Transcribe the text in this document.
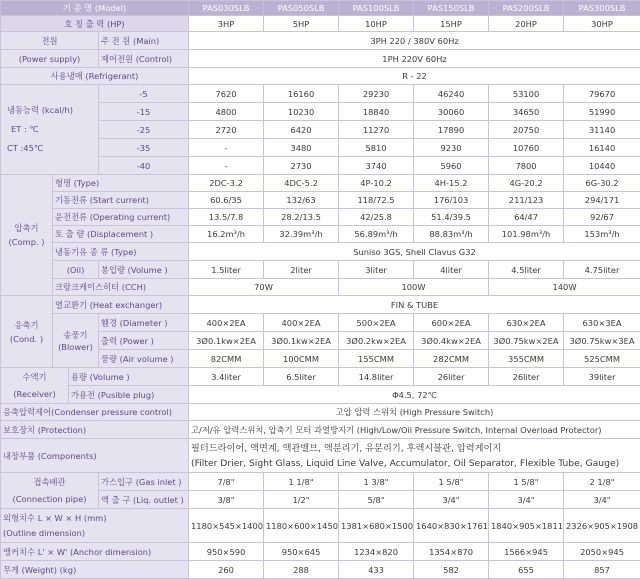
기 종 명 (Model)				PAS030SLB	PAS050SLB	PAS100SLB	PAS150SLB	PAS200SLB	PAS300SLB
호 칭 출 력 (HP)				3HP	5HP	10HP	15HP	20HP	30HP
전원			주 전 원 (Main)	3PH 220 / 380V 60Hz					
(Power supply)			제어전원 (Control)	1PH 220V 60Hz					
사용냉매 (Refrigerant)				R - 22					

냉동능력 (kcal/h)
ET : ℃
CT :45℃			-5	7620	16160	29230	46240	53100	79670
			-15	4800	10230	18840	30060	34650	51990
			-25	2720	6420	11270	17890	20750	31140
			-35	-	3480	5810	9230	10760	16140
			-40	-	2730	3740	5960	7800	10440

압축기
(Comp. )	형명 (Type)			2DC-3.2	4DC-5.2	4P-10.2	4H-15.2	4G-20.2	6G-30.2
	기동전류 (Start current)			60.6/35	132/63	118/72.5	176/103	211/123	294/171
	운전전류 (Operating current)			13.5/7.8	28.2/13.5	42/25.8	51.4/39.5	64/47	92/67
	토 출 량 (Displacement )			16.2m³/h	32.39m³/h	56.89m³/h	88.83m³/h	101.98m³/h	153m³/h
	냉동기유 종 류 (Type)			Suniso 3GS, Shell Clavus G32					
	(Oil)		봉입량 (Volume )	1.5liter	2liter	3liter	4liter	4.5liter	4.75liter
	크랑크케이스히터 (CCH)			70W		100W		140W	

응축기
(Cond. )	열교환기 (Heat exchanger)			FIN & TUBE					

	송풍기
(Blower)		휀경 (Diameter )	400×2EA	400×2EA	500×2EA	600×2EA	630×2EA	630×3EA
			출력 (Power )	3Ø0.1kw×2EA	3Ø0.1kw×2EA	3Ø0.2kw×2EA	3Ø0.4kw×2EA	3Ø0.75kw×2EA	3Ø0.75kw×3EA
			풍량 (Air volume )	82CMM	100CMM	155CMM	282CMM	355CMM	525CMM

수액기
(Receiver)		용량 (Volume )		3.4liter	6.5liter	14.8liter	26liter	26liter	39liter
		가용전 (Pusible plug)		Φ4.5, 72℃					
응축압력제어(Condenser pressure control)				고압 압력 스위치 (High Pressure Switch)					
보호장치 (Protection)				고/저/유 압력스위치, 압축기 모터 과열방지기 (High/Low/Oil Pressure Switch, Internal Overload Protector)					
내장부품 (Components)				필터드라이어, 액면계, 액관밸브, 액분리기, 유분리기, 후렉시블관, 압력게이지
(Filter Drier, Sight Glass, Liquid Line Valve, Accumulator, Oil Separator, Flexible Tube, Gauge)					

접속배관
(Connection pipe)			가스입구 (Gas inlet )	7/8"	1 1/8"	1 3/8"	1 5/8"	1 5/8"	2 1/8"
			액 출 구 (Liq. outlet )	3/8"	1/2"	5/8"	3/4"	3/4"	3/4"

외형치수 L × W × H (mm)
(Outline dimension)				1180×545×1400	1180×600×1450	1381×680×1500	1640×830×1761	1840×905×1811	2326×905×1908
앵커치수 L' × W' (Anchor dimension)				950×590	950×645	1234×820	1354×870	1566×945	2050×945
무게 (Weight) (kg)				260	288	433	582	655	857
